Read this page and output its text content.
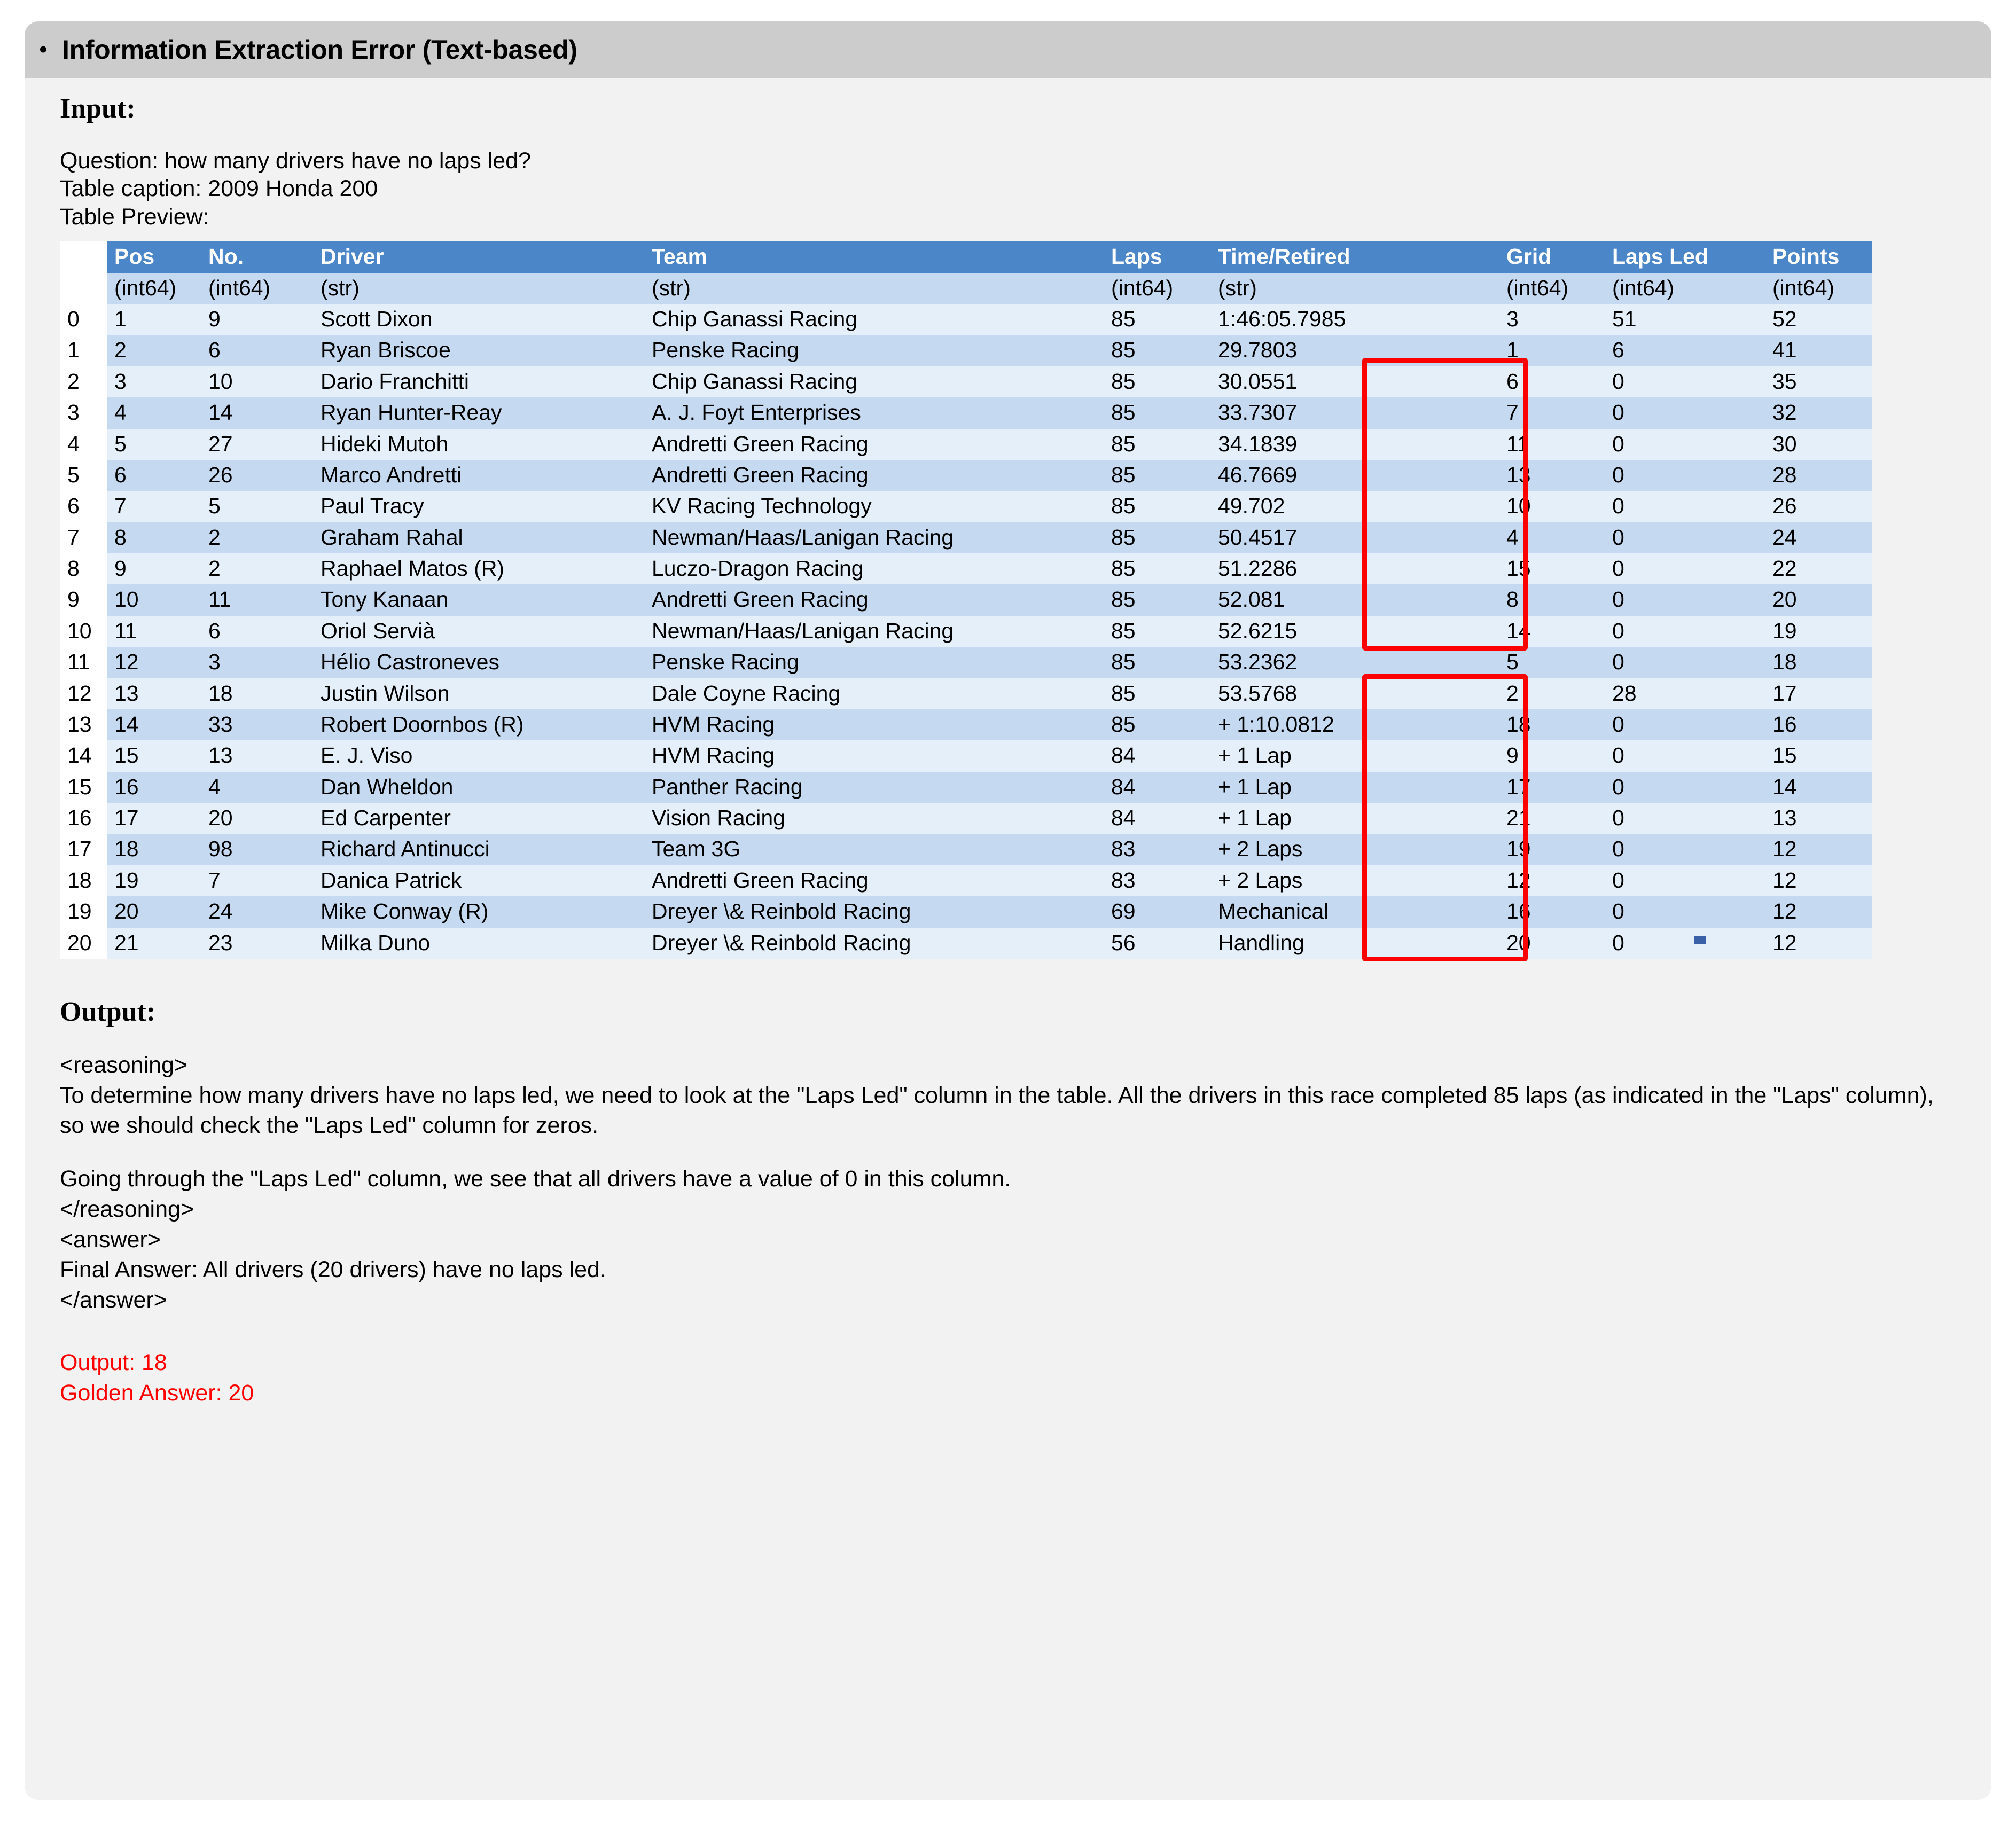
• Information Extraction Error (Text-based)
Input:

Question: how many drivers have no laps led?

Table caption: 2009 Honda 200

Table Preview:

	Pos	No.	Driver	Team	Laps	Time/Retired	Grid	Laps Led	Points
	(int64)	(int64)	(str)	(str)	(int64)	(str)	(int64)	(int64)	(int64)
0	1	9	Scott Dixon	Chip Ganassi Racing	85	1:46:05.7985	3	51	52
1	2	6	Ryan Briscoe	Penske Racing	85	29.7803	1	6	41
2	3	10	Dario Franchitti	Chip Ganassi Racing	85	30.0551	6	0	35
3	4	14	Ryan Hunter-Reay	A. J. Foyt Enterprises	85	33.7307	7	0	32
4	5	27	Hideki Mutoh	Andretti Green Racing	85	34.1839	11	0	30
5	6	26	Marco Andretti	Andretti Green Racing	85	46.7669	13	0	28
6	7	5	Paul Tracy	KV Racing Technology	85	49.702	10	0	26
7	8	2	Graham Rahal	Newman/Haas/Lanigan Racing	85	50.4517	4	0	24
8	9	2	Raphael Matos (R)	Luczo-Dragon Racing	85	51.2286	15	0	22
9	10	11	Tony Kanaan	Andretti Green Racing	85	52.081	8	0	20
10	11	6	Oriol Servià	Newman/Haas/Lanigan Racing	85	52.6215	14	0	19
11	12	3	Hélio Castroneves	Penske Racing	85	53.2362	5	0	18
12	13	18	Justin Wilson	Dale Coyne Racing	85	53.5768	2	28	17
13	14	33	Robert Doornbos (R)	HVM Racing	85	+ 1:10.0812	18	0	16
14	15	13	E. J. Viso	HVM Racing	84	+ 1 Lap	9	0	15
15	16	4	Dan Wheldon	Panther Racing	84	+ 1 Lap	17	0	14
16	17	20	Ed Carpenter	Vision Racing	84	+ 1 Lap	21	0	13
17	18	98	Richard Antinucci	Team 3G	83	+ 2 Laps	19	0	12
18	19	7	Danica Patrick	Andretti Green Racing	83	+ 2 Laps	12	0	12
19	20	24	Mike Conway (R)	Dreyer \& Reinbold Racing	69	Mechanical	16	0	12
20	21	23	Milka Duno	Dreyer \& Reinbold Racing	56	Handling	20	0	12
Output:

<reasoning>

To determine how many drivers have no laps led, we need to look at the "Laps Led" column in the table. All the drivers in this race completed 85 laps (as indicated in the "Laps" column), so we should check the "Laps Led" column for zeros.

Going through the "Laps Led" column, we see that all drivers have a value of 0 in this column.

</reasoning>

<answer>

Final Answer: All drivers (20 drivers) have no laps led.

</answer>

Output: 18

Golden Answer: 20
